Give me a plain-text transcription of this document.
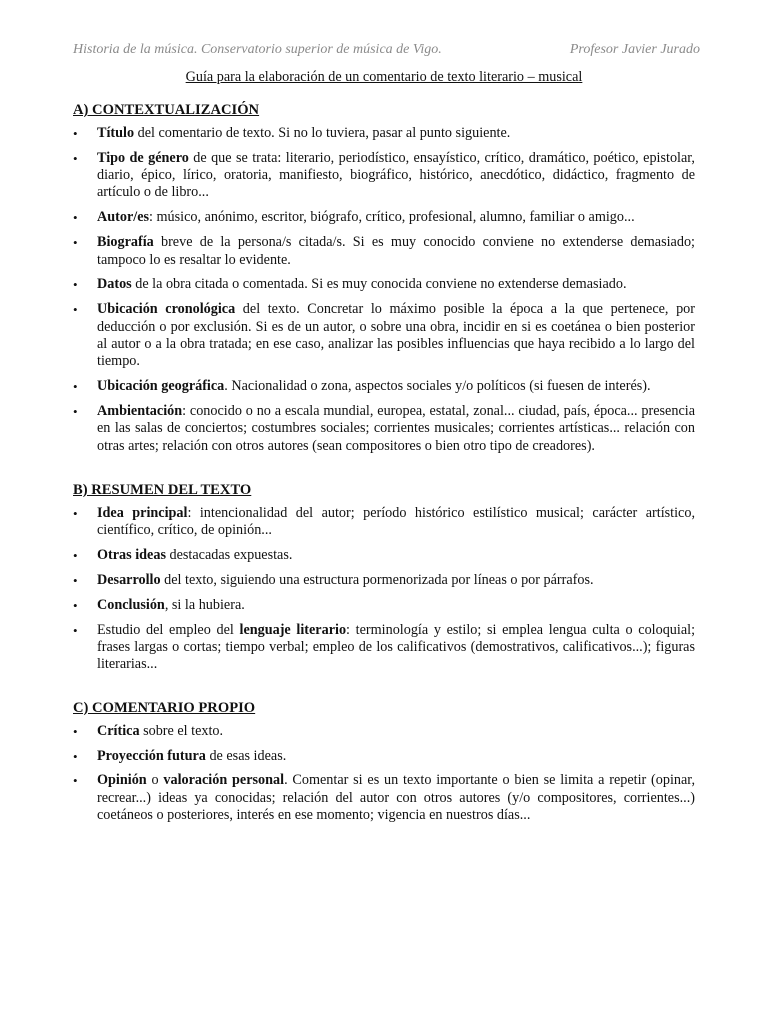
Historia de la música. Conservatorio superior de música de Vigo.	Profesor Javier Jurado
Guía para la elaboración de un comentario de texto literario – musical
A) CONTEXTUALIZACIÓN
• Título del comentario de texto. Si no lo tuviera, pasar al punto siguiente.
• Tipo de género de que se trata: literario, periodístico, ensayístico, crítico, dramático, poético, epistolar, diario, épico, lírico, oratoria, manifiesto, biográfico, histórico, anecdótico, didáctico, fragmento de artículo o de libro...
• Autor/es: músico, anónimo, escritor, biógrafo, crítico, profesional, alumno, familiar o amigo...
• Biografía breve de la persona/s citada/s. Si es muy conocido conviene no extenderse demasiado; tampoco lo es resaltar lo evidente.
• Datos de la obra citada o comentada. Si es muy conocida conviene no extenderse demasiado.
• Ubicación cronológica del texto. Concretar lo máximo posible la época a la que pertenece, por deducción o por exclusión. Si es de un autor, o sobre una obra, incidir en si es coetánea o bien posterior al autor o a la obra tratada; en ese caso, analizar las posibles influencias que haya recibido a lo largo del tiempo.
• Ubicación geográfica. Nacionalidad o zona, aspectos sociales y/o políticos (si fuesen de interés).
• Ambientación: conocido o no a escala mundial, europea, estatal, zonal... ciudad, país, época... presencia en las salas de conciertos; costumbres sociales; corrientes musicales; corrientes artísticas... relación con otras artes; relación con otros autores (sean compositores o bien otro tipo de creadores).
B) RESUMEN DEL TEXTO
• Idea principal: intencionalidad del autor; período histórico estilístico musical; carácter artístico, científico, crítico, de opinión...
• Otras ideas destacadas expuestas.
• Desarrollo del texto, siguiendo una estructura pormenorizada por líneas o por párrafos.
• Conclusión, si la hubiera.
• Estudio del empleo del lenguaje literario: terminología y estilo; si emplea lengua culta o coloquial; frases largas o cortas; tiempo verbal; empleo de los calificativos (demostrativos, calificativos...); figuras literarias...
C) COMENTARIO PROPIO
• Crítica sobre el texto.
• Proyección futura de esas ideas.
• Opinión o valoración personal. Comentar si es un texto importante o bien se limita a repetir (opinar, recrear...) ideas ya conocidas; relación del autor con otros autores (y/o compositores, corrientes...) coetáneos o posteriores, interés en ese momento; vigencia en nuestros días...
